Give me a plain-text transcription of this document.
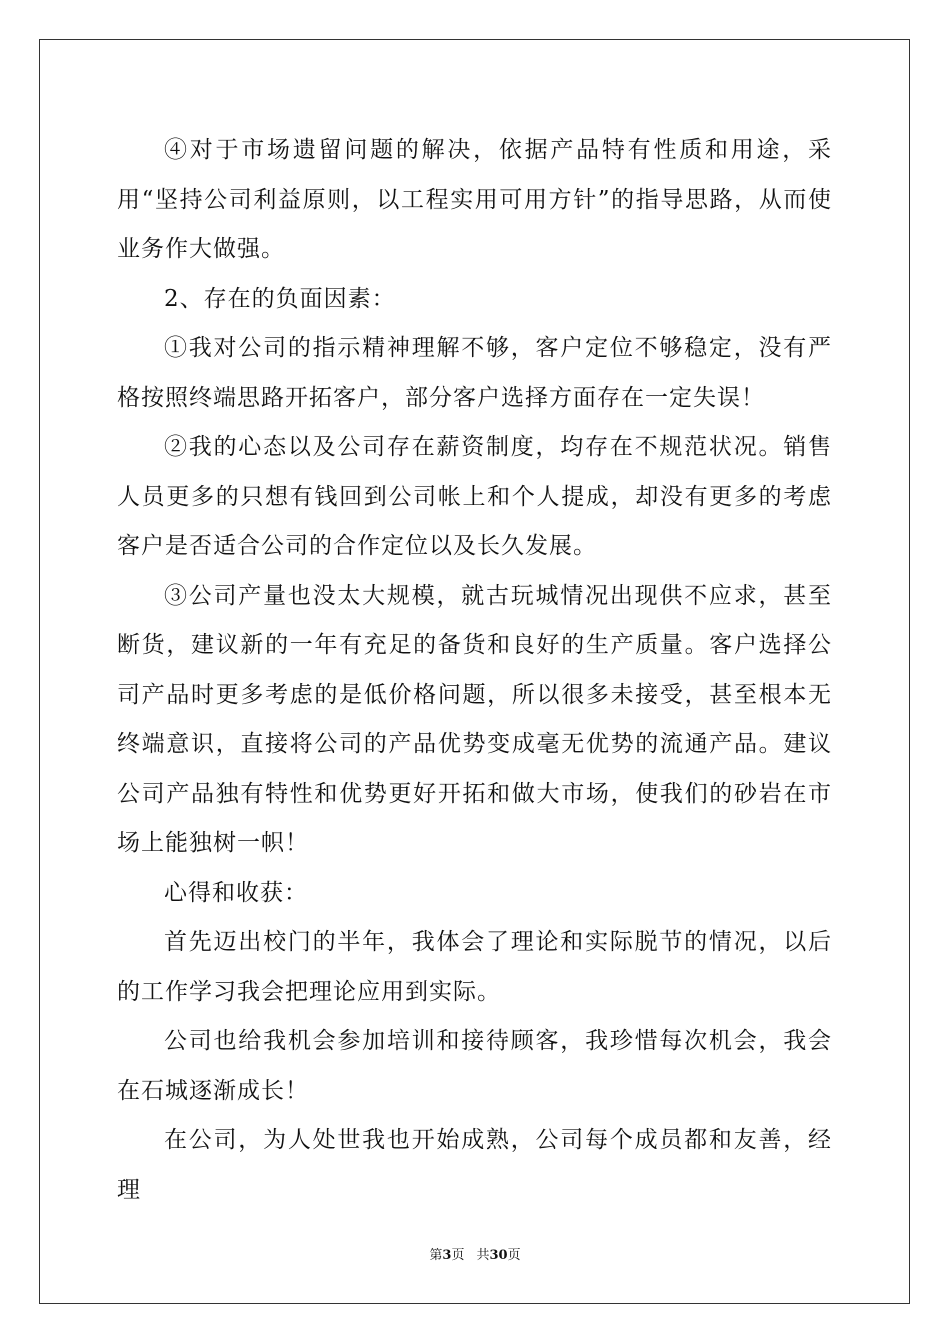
④对于市场遗留问题的解决，依据产品特有性质和用途，采用“坚持公司利益原则，以工程实用可用方针”的指导思路，从而使业务作大做强。

2、存在的负面因素：

①我对公司的指示精神理解不够，客户定位不够稳定，没有严格按照终端思路开拓客户，部分客户选择方面存在一定失误！

②我的心态以及公司存在薪资制度，均存在不规范状况。销售人员更多的只想有钱回到公司帐上和个人提成，却没有更多的考虑客户是否适合公司的合作定位以及长久发展。

③公司产量也没太大规模，就古玩城情况出现供不应求，甚至断货，建议新的一年有充足的备货和良好的生产质量。客户选择公司产品时更多考虑的是低价格问题，所以很多未接受，甚至根本无终端意识，直接将公司的产品优势变成毫无优势的流通产品。建议公司产品独有特性和优势更好开拓和做大市场，使我们的砂岩在市场上能独树一帜！

心得和收获：

首先迈出校门的半年，我体会了理论和实际脱节的情况，以后的工作学习我会把理论应用到实际。

公司也给我机会参加培训和接待顾客，我珍惜每次机会，我会在石城逐渐成长！

在公司，为人处世我也开始成熟，公司每个成员都和友善，经理

第3页 共30页
